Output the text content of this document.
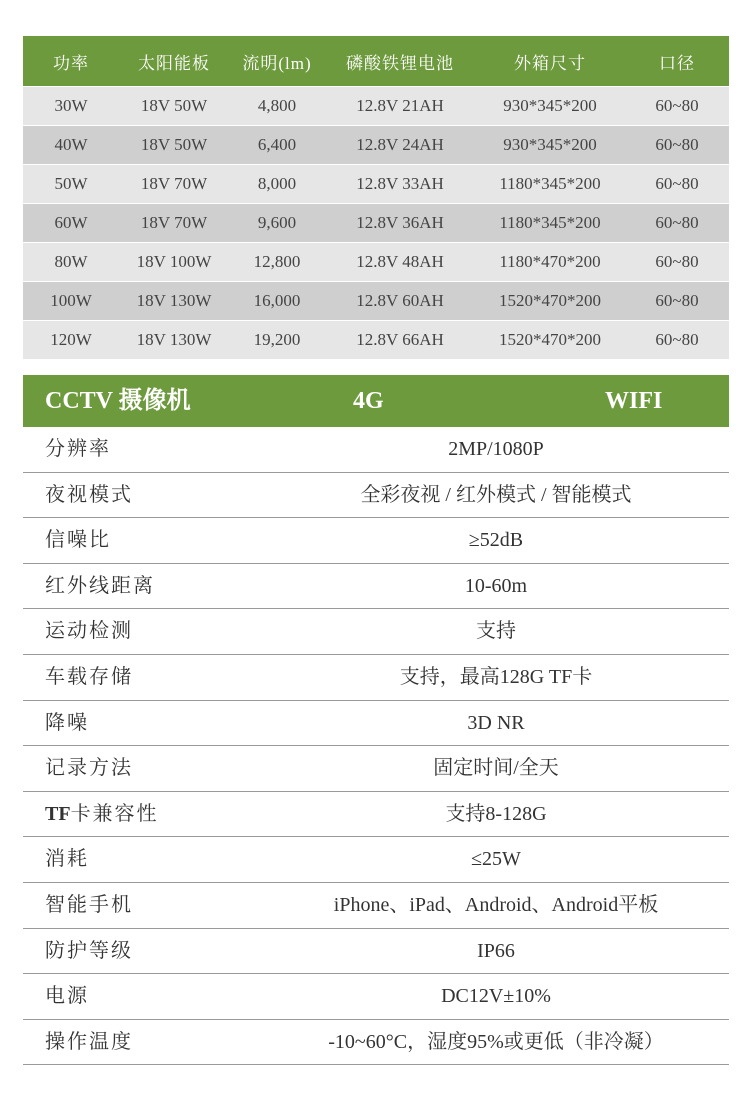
功率	太阳能板	流明(lm)	磷酸铁锂电池	外箱尺寸	口径
30W	18V 50W	4,800	12.8V 21AH	930*345*200	60~80
40W	18V 50W	6,400	12.8V 24AH	930*345*200	60~80
50W	18V 70W	8,000	12.8V 33AH	1180*345*200	60~80
60W	18V 70W	9,600	12.8V 36AH	1180*345*200	60~80
80W	18V 100W	12,800	12.8V 48AH	1180*470*200	60~80
100W	18V 130W	16,000	12.8V 60AH	1520*470*200	60~80
120W	18V 130W	19,200	12.8V 66AH	1520*470*200	60~80
CCTV 摄像机	4G	WIFI
分辨率	2MP/1080P
夜视模式	全彩夜视 / 红外模式 / 智能模式
信噪比	≥52dB
红外线距离	10-60m
运动检测	支持
车载存储	支持，最高128G TF卡
降噪	3D NR
记录方法	固定时间/全天
TF卡兼容性	支持8-128G
消耗	≤25W
智能手机	iPhone、iPad、Android、Android平板
防护等级	IP66
电源	DC12V±10%
操作温度	-10~60°C，湿度95%或更低（非冷凝）
